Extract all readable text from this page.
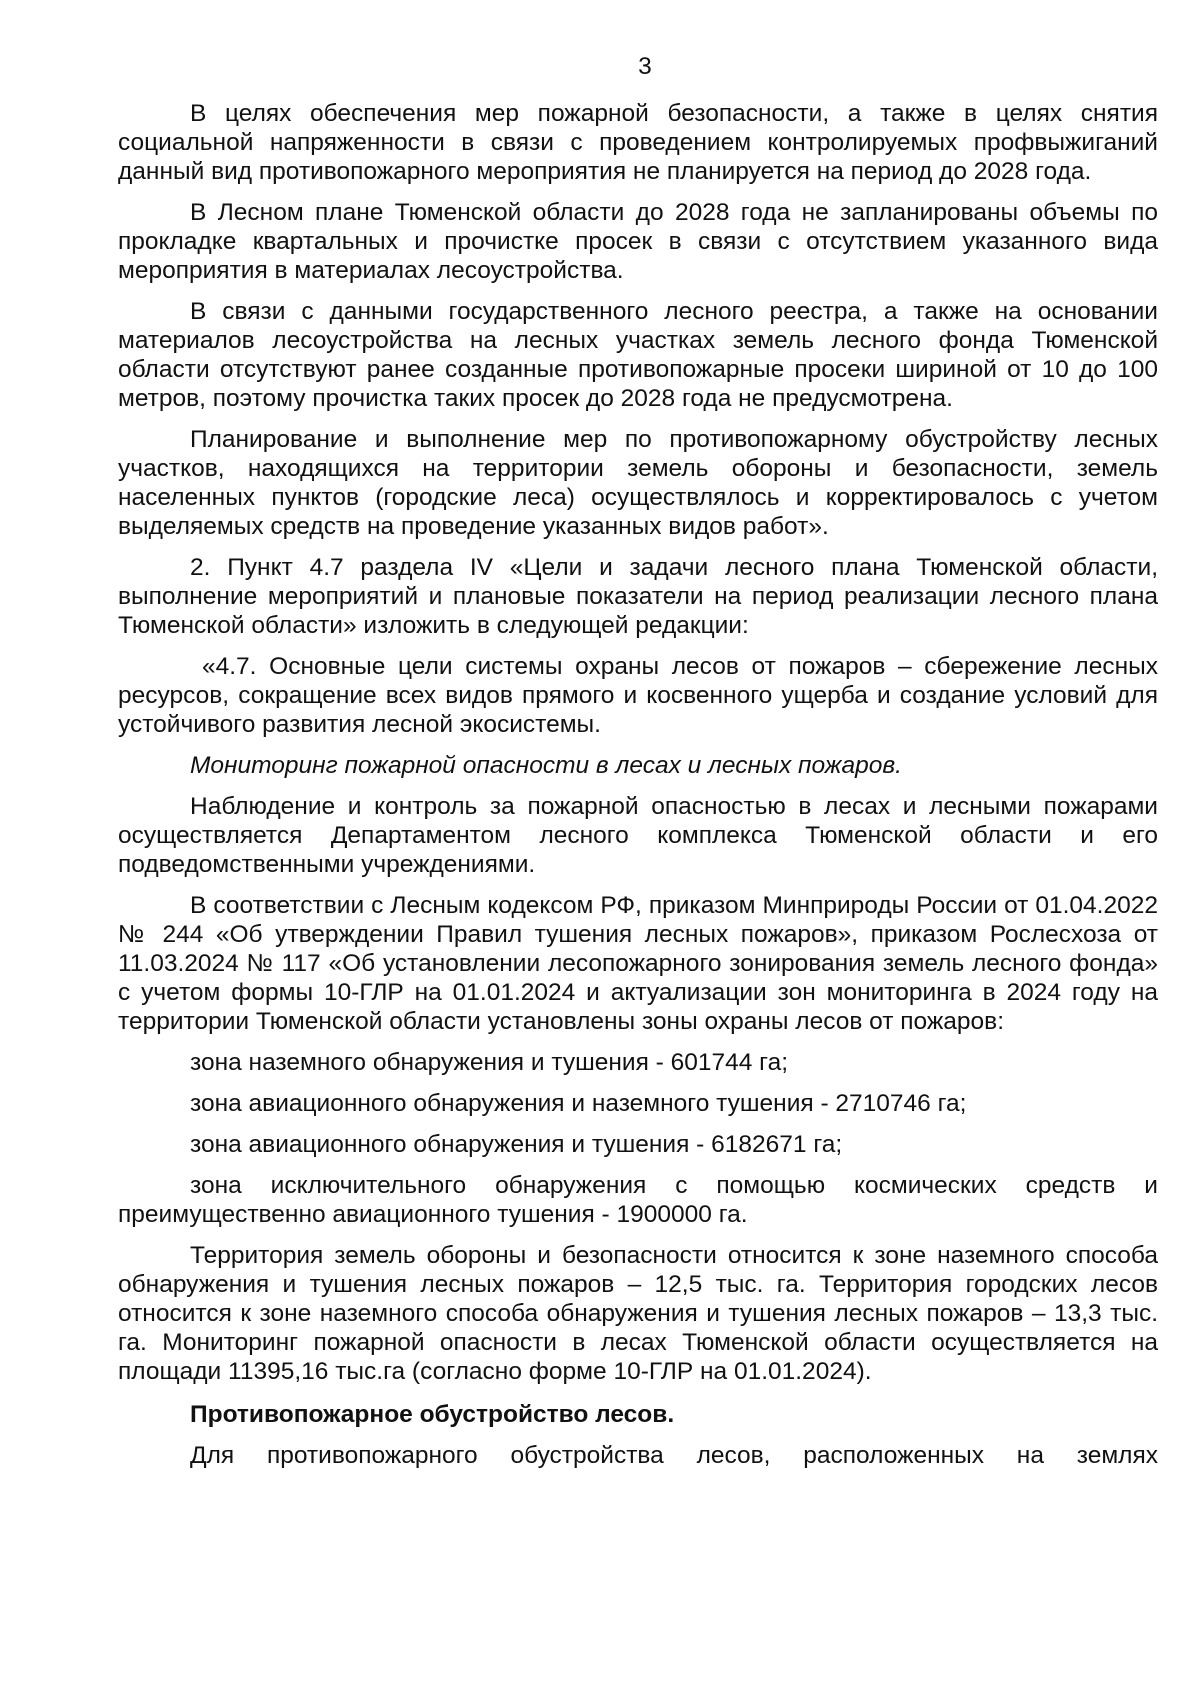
3

В целях обеспечения мер пожарной безопасности, а также в целях снятия социальной напряженности в связи с проведением контролируемых профвыжиганий данный вид противопожарного мероприятия не планируется на период до 2028 года.

В Лесном плане Тюменской области до 2028 года не запланированы объемы по прокладке квартальных и прочистке просек в связи с отсутствием указанного вида мероприятия в материалах лесоустройства.

В связи с данными государственного лесного реестра, а также на основании материалов лесоустройства на лесных участках земель лесного фонда Тюменской области отсутствуют ранее созданные противопожарные просеки шириной от 10 до 100 метров, поэтому прочистка таких просек до 2028 года не предусмотрена.

Планирование и выполнение мер по противопожарному обустройству лесных участков, находящихся на территории земель обороны и безопасности, земель населенных пунктов (городские леса) осуществлялось и корректировалось с учетом выделяемых средств на проведение указанных видов работ».

2. Пункт 4.7 раздела IV «Цели и задачи лесного плана Тюменской области, выполнение мероприятий и плановые показатели на период реализации лесного плана Тюменской области» изложить в следующей редакции:

«4.7. Основные цели системы охраны лесов от пожаров – сбережение лесных ресурсов, сокращение всех видов прямого и косвенного ущерба и создание условий для устойчивого развития лесной экосистемы.

Мониторинг пожарной опасности в лесах и лесных пожаров.

Наблюдение и контроль за пожарной опасностью в лесах и лесными пожарами осуществляется Департаментом лесного комплекса Тюменской области и его подведомственными учреждениями.

В соответствии с Лесным кодексом РФ, приказом Минприроды России от 01.04.2022 № 244 «Об утверждении Правил тушения лесных пожаров», приказом Рослесхоза от 11.03.2024 № 117 «Об установлении лесопожарного зонирования земель лесного фонда» с учетом формы 10-ГЛР на 01.01.2024 и актуализации зон мониторинга в 2024 году на территории Тюменской области установлены зоны охраны лесов от пожаров:

зона наземного обнаружения и тушения - 601744 га;

зона авиационного обнаружения и наземного тушения - 2710746 га;

зона авиационного обнаружения и тушения - 6182671 га;

зона исключительного обнаружения с помощью космических средств и преимущественно авиационного тушения - 1900000 га.

Территория земель обороны и безопасности относится к зоне наземного способа обнаружения и тушения лесных пожаров – 12,5 тыс. га. Территория городских лесов относится к зоне наземного способа обнаружения и тушения лесных пожаров – 13,3 тыс. га. Мониторинг пожарной опасности в лесах Тюменской области осуществляется на площади 11395,16 тыс.га (согласно форме 10-ГЛР на 01.01.2024).

Противопожарное обустройство лесов.

Для противопожарного обустройства лесов, расположенных на землях
